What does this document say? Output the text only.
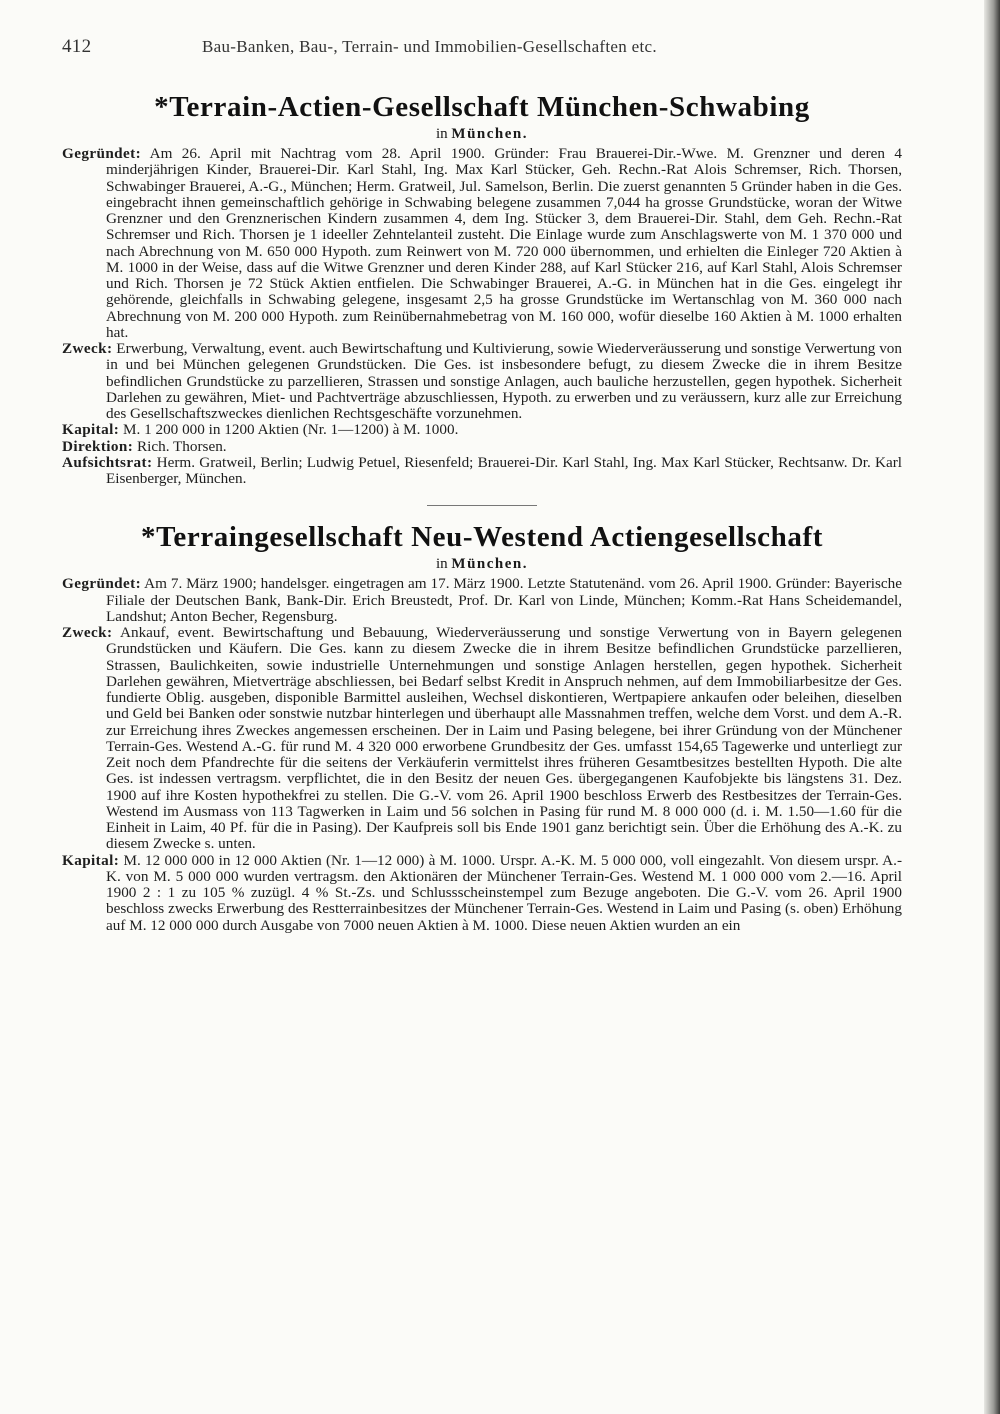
412	Bau-Banken, Bau-, Terrain- und Immobilien-Gesellschaften etc.
*Terrain-Actien-Gesellschaft München-Schwabing

in München.

Gegründet: Am 26. April mit Nachtrag vom 28. April 1900. Gründer: Frau Brauerei-Dir.-Wwe. M. Grenzner und deren 4 minderjährigen Kinder, Brauerei-Dir. Karl Stahl, Ing. Max Karl Stücker, Geh. Rechn.-Rat Alois Schremser, Rich. Thorsen, Schwabinger Brauerei, A.-G., München; Herm. Gratweil, Jul. Samelson, Berlin. Die zuerst genannten 5 Gründer haben in die Ges. eingebracht ihnen gemeinschaftlich gehörige in Schwabing belegene zusammen 7,044 ha grosse Grundstücke, woran der Witwe Grenzner und den Grenznerischen Kindern zusammen 4, dem Ing. Stücker 3, dem Brauerei-Dir. Stahl, dem Geh. Rechn.-Rat Schremser und Rich. Thorsen je 1 ideeller Zehntelanteil zusteht. Die Einlage wurde zum Anschlagswerte von M. 1 370 000 und nach Abrechnung von M. 650 000 Hypoth. zum Reinwert von M. 720 000 übernommen, und erhielten die Einleger 720 Aktien à M. 1000 in der Weise, dass auf die Witwe Grenzner und deren Kinder 288, auf Karl Stücker 216, auf Karl Stahl, Alois Schremser und Rich. Thorsen je 72 Stück Aktien entfielen. Die Schwabinger Brauerei, A.-G. in München hat in die Ges. eingelegt ihr gehörende, gleichfalls in Schwabing gelegene, insgesamt 2,5 ha grosse Grundstücke im Wertanschlag von M. 360 000 nach Abrechnung von M. 200 000 Hypoth. zum Reinübernahmebetrag von M. 160 000, wofür dieselbe 160 Aktien à M. 1000 erhalten hat.

Zweck: Erwerbung, Verwaltung, event. auch Bewirtschaftung und Kultivierung, sowie Wiederveräusserung und sonstige Verwertung von in und bei München gelegenen Grundstücken. Die Ges. ist insbesondere befugt, zu diesem Zwecke die in ihrem Besitze befindlichen Grundstücke zu parzellieren, Strassen und sonstige Anlagen, auch bauliche herzustellen, gegen hypothek. Sicherheit Darlehen zu gewähren, Miet- und Pachtverträge abzuschliessen, Hypoth. zu erwerben und zu veräussern, kurz alle zur Erreichung des Gesellschaftszweckes dienlichen Rechtsgeschäfte vorzunehmen.

Kapital: M. 1 200 000 in 1200 Aktien (Nr. 1—1200) à M. 1000.

Direktion: Rich. Thorsen.

Aufsichtsrat: Herm. Gratweil, Berlin; Ludwig Petuel, Riesenfeld; Brauerei-Dir. Karl Stahl, Ing. Max Karl Stücker, Rechtsanw. Dr. Karl Eisenberger, München.

*Terraingesellschaft Neu-Westend Actiengesellschaft

in München.

Gegründet: Am 7. März 1900; handelsger. eingetragen am 17. März 1900. Letzte Statutenänd. vom 26. April 1900. Gründer: Bayerische Filiale der Deutschen Bank, Bank-Dir. Erich Breustedt, Prof. Dr. Karl von Linde, München; Komm.-Rat Hans Scheidemandel, Landshut; Anton Becher, Regensburg.

Zweck: Ankauf, event. Bewirtschaftung und Bebauung, Wiederveräusserung und sonstige Verwertung von in Bayern gelegenen Grundstücken und Käufern. Die Ges. kann zu diesem Zwecke die in ihrem Besitze befindlichen Grundstücke parzellieren, Strassen, Baulichkeiten, sowie industrielle Unternehmungen und sonstige Anlagen herstellen, gegen hypothek. Sicherheit Darlehen gewähren, Mietverträge abschliessen, bei Bedarf selbst Kredit in Anspruch nehmen, auf dem Immobiliarbesitze der Ges. fundierte Oblig. ausgeben, disponible Barmittel ausleihen, Wechsel diskontieren, Wertpapiere ankaufen oder beleihen, dieselben und Geld bei Banken oder sonstwie nutzbar hinterlegen und überhaupt alle Massnahmen treffen, welche dem Vorst. und dem A.-R. zur Erreichung ihres Zweckes angemessen erscheinen. Der in Laim und Pasing belegene, bei ihrer Gründung von der Münchener Terrain-Ges. Westend A.-G. für rund M. 4 320 000 erworbene Grundbesitz der Ges. umfasst 154,65 Tagewerke und unterliegt zur Zeit noch dem Pfandrechte für die seitens der Verkäuferin vermittelst ihres früheren Gesamtbesitzes bestellten Hypoth. Die alte Ges. ist indessen vertragsm. verpflichtet, die in den Besitz der neuen Ges. übergegangenen Kaufobjekte bis längstens 31. Dez. 1900 auf ihre Kosten hypothekfrei zu stellen. Die G.-V. vom 26. April 1900 beschloss Erwerb des Restbesitzes der Terrain-Ges. Westend im Ausmass von 113 Tagwerken in Laim und 56 solchen in Pasing für rund M. 8 000 000 (d. i. M. 1.50—1.60 für die Einheit in Laim, 40 Pf. für die in Pasing). Der Kaufpreis soll bis Ende 1901 ganz berichtigt sein. Über die Erhöhung des A.-K. zu diesem Zwecke s. unten.

Kapital: M. 12 000 000 in 12 000 Aktien (Nr. 1—12 000) à M. 1000. Urspr. A.-K. M. 5 000 000, voll eingezahlt. Von diesem urspr. A.-K. von M. 5 000 000 wurden vertragsm. den Aktionären der Münchener Terrain-Ges. Westend M. 1 000 000 vom 2.—16. April 1900 2 : 1 zu 105 % zuzügl. 4 % St.-Zs. und Schlussscheinstempel zum Bezuge angeboten. Die G.-V. vom 26. April 1900 beschloss zwecks Erwerbung des Restterrainbesitzes der Münchener Terrain-Ges. Westend in Laim und Pasing (s. oben) Erhöhung auf M. 12 000 000 durch Ausgabe von 7000 neuen Aktien à M. 1000. Diese neuen Aktien wurden an ein
